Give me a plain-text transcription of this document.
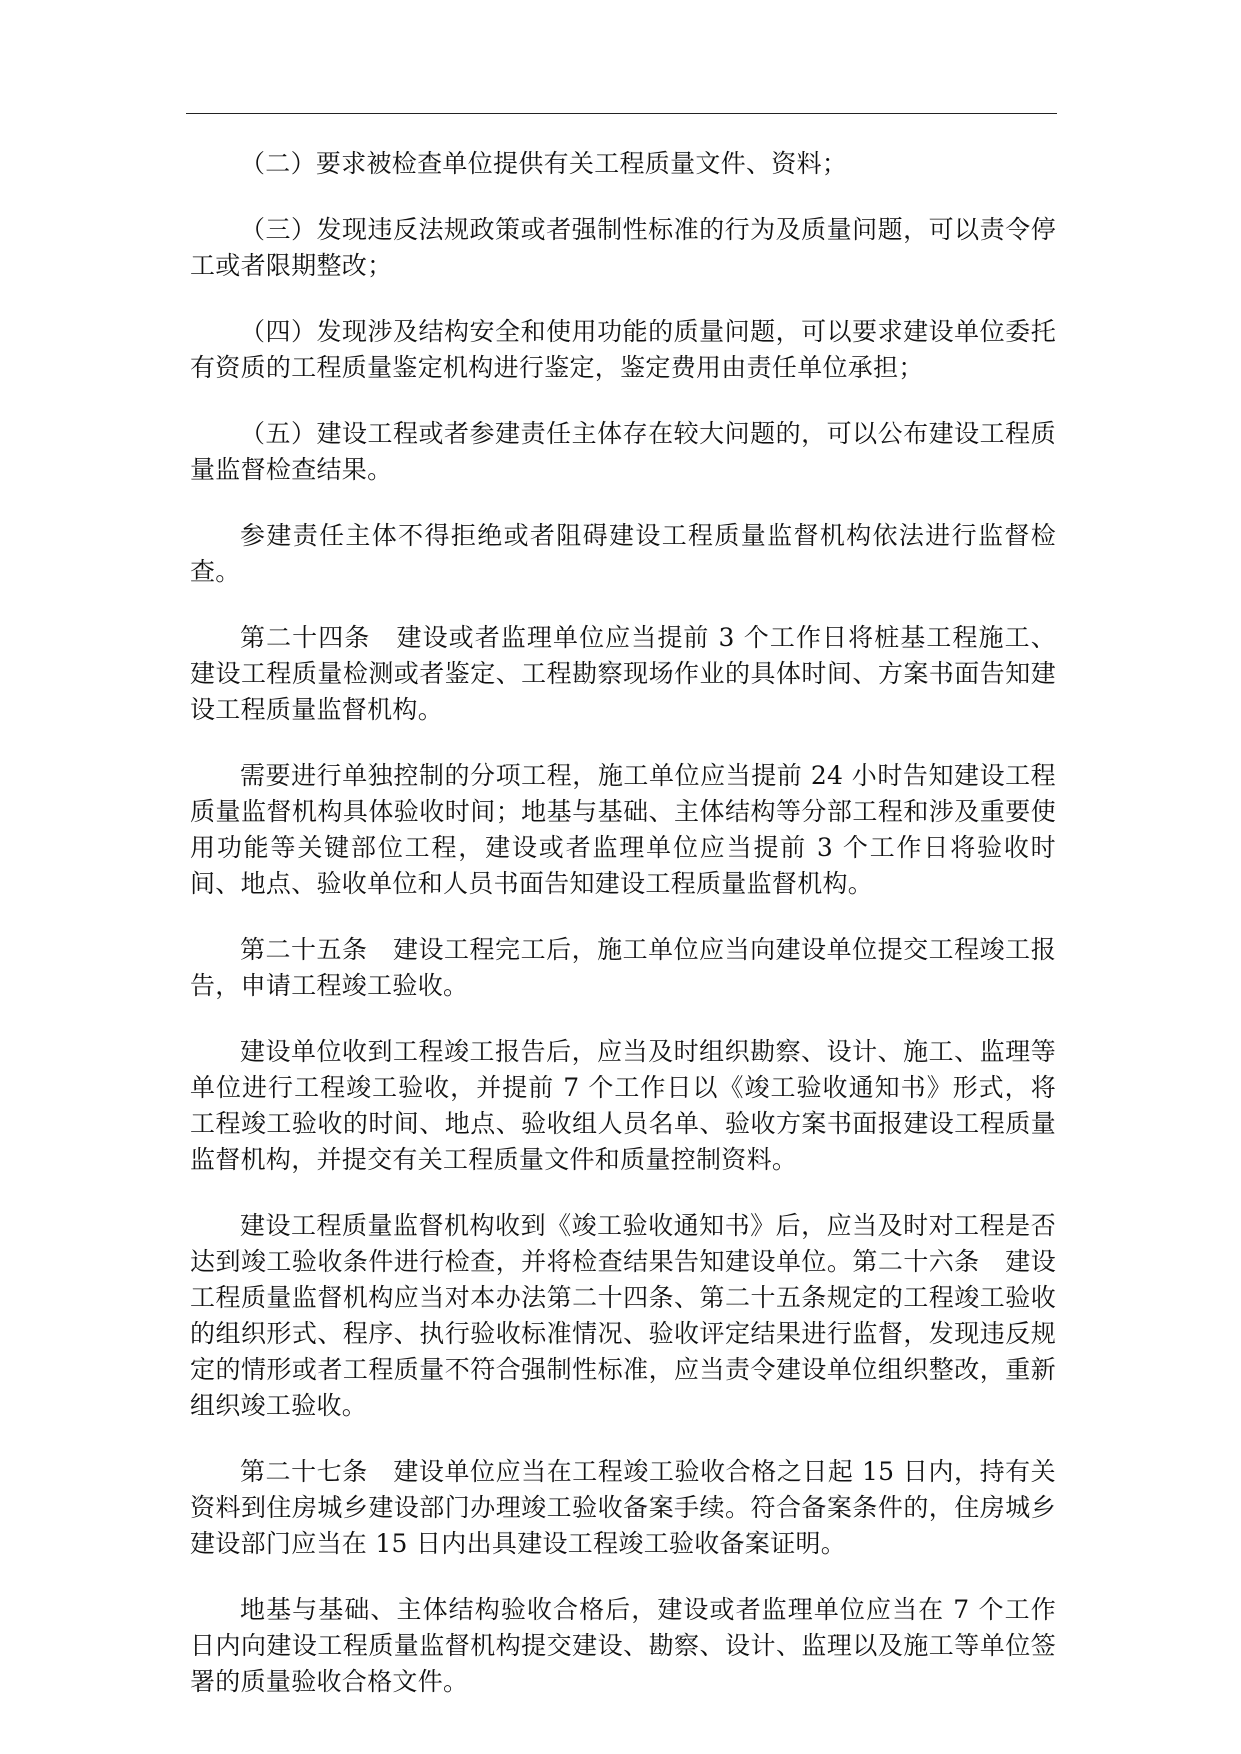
（二）要求被检查单位提供有关工程质量文件、资料；

（三）发现违反法规政策或者强制性标准的行为及质量问题，可以责令停工或者限期整改；

（四）发现涉及结构安全和使用功能的质量问题，可以要求建设单位委托有资质的工程质量鉴定机构进行鉴定，鉴定费用由责任单位承担；

（五）建设工程或者参建责任主体存在较大问题的，可以公布建设工程质量监督检查结果。

参建责任主体不得拒绝或者阻碍建设工程质量监督机构依法进行监督检查。

第二十四条　建设或者监理单位应当提前 3 个工作日将桩基工程施工、建设工程质量检测或者鉴定、工程勘察现场作业的具体时间、方案书面告知建设工程质量监督机构。

需要进行单独控制的分项工程，施工单位应当提前 24 小时告知建设工程质量监督机构具体验收时间；地基与基础、主体结构等分部工程和涉及重要使用功能等关键部位工程，建设或者监理单位应当提前 3 个工作日将验收时间、地点、验收单位和人员书面告知建设工程质量监督机构。

第二十五条　建设工程完工后，施工单位应当向建设单位提交工程竣工报告，申请工程竣工验收。

建设单位收到工程竣工报告后，应当及时组织勘察、设计、施工、监理等单位进行工程竣工验收，并提前 7 个工作日以《竣工验收通知书》形式，将工程竣工验收的时间、地点、验收组人员名单、验收方案书面报建设工程质量监督机构，并提交有关工程质量文件和质量控制资料。

建设工程质量监督机构收到《竣工验收通知书》后，应当及时对工程是否达到竣工验收条件进行检查，并将检查结果告知建设单位。第二十六条　建设工程质量监督机构应当对本办法第二十四条、第二十五条规定的工程竣工验收的组织形式、程序、执行验收标准情况、验收评定结果进行监督，发现违反规定的情形或者工程质量不符合强制性标准，应当责令建设单位组织整改，重新组织竣工验收。

第二十七条　建设单位应当在工程竣工验收合格之日起 15 日内，持有关资料到住房城乡建设部门办理竣工验收备案手续。符合备案条件的，住房城乡建设部门应当在 15 日内出具建设工程竣工验收备案证明。

地基与基础、主体结构验收合格后，建设或者监理单位应当在 7 个工作日内向建设工程质量监督机构提交建设、勘察、设计、监理以及施工等单位签署的质量验收合格文件。
